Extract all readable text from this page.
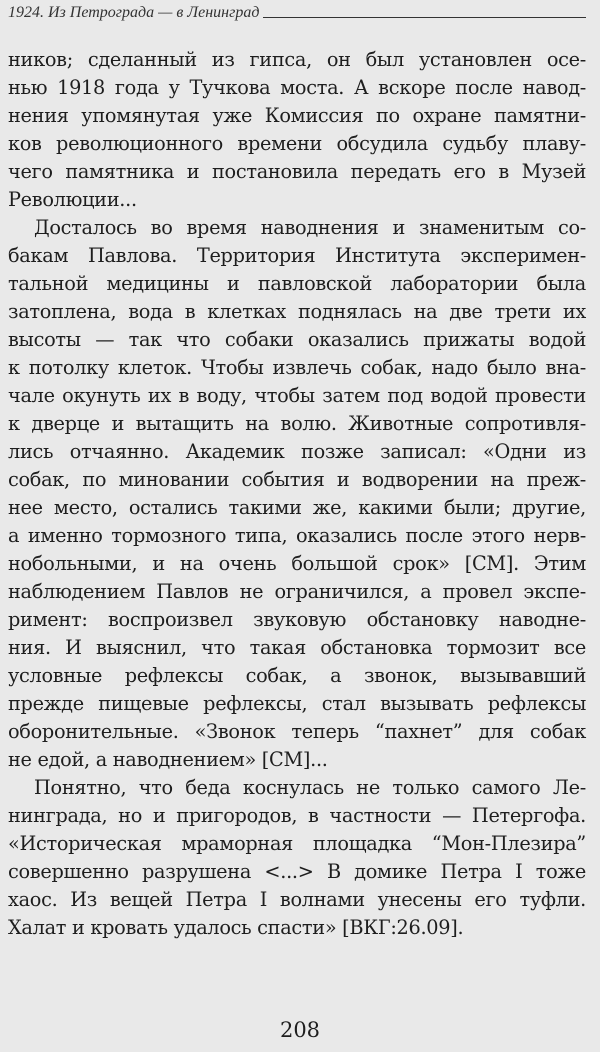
1924. Из Петрограда — в Ленинград
ников; сделанный из гипса, он был установлен осе-
нью 1918 года у Тучкова моста. А вскоре после навод-
нения упомянутая уже Комиссия по охране памятни-
ков революционного времени обсудила судьбу плаву-
чего памятника и постановила передать его в Музей
Революции...
Досталось во время наводнения и знаменитым со-
бакам Павлова. Территория Института эксперимен-
тальной медицины и павловской лаборатории была
затоплена, вода в клетках поднялась на две трети их
высоты — так что собаки оказались прижаты водой
к потолку клеток. Чтобы извлечь собак, надо было вна-
чале окунуть их в воду, чтобы затем под водой провести
к дверце и вытащить на волю. Животные сопротивля-
лись отчаянно. Академик позже записал: «Одни из
собак, по миновании события и водворении на преж-
нее место, остались такими же, какими были; другие,
а именно тормозного типа, оказались после этого нерв-
нобольными, и на очень большой срок» [СМ]. Этим
наблюдением Павлов не ограничился, а провел экспе-
римент: воспроизвел звуковую обстановку наводне-
ния. И выяснил, что такая обстановка тормозит все
условные рефлексы собак, а звонок, вызывавший
прежде пищевые рефлексы, стал вызывать рефлексы
оборонительные. «Звонок теперь “пахнет” для собак
не едой, а наводнением» [СМ]...
Понятно, что беда коснулась не только самого Ле-
нинграда, но и пригородов, в частности — Петергофа.
«Историческая мраморная площадка “Мон-Плезира”
совершенно разрушена <...> В домике Петра I тоже
хаос. Из вещей Петра I волнами унесены его туфли.
Халат и кровать удалось спасти» [ВКГ:26.09].
208
